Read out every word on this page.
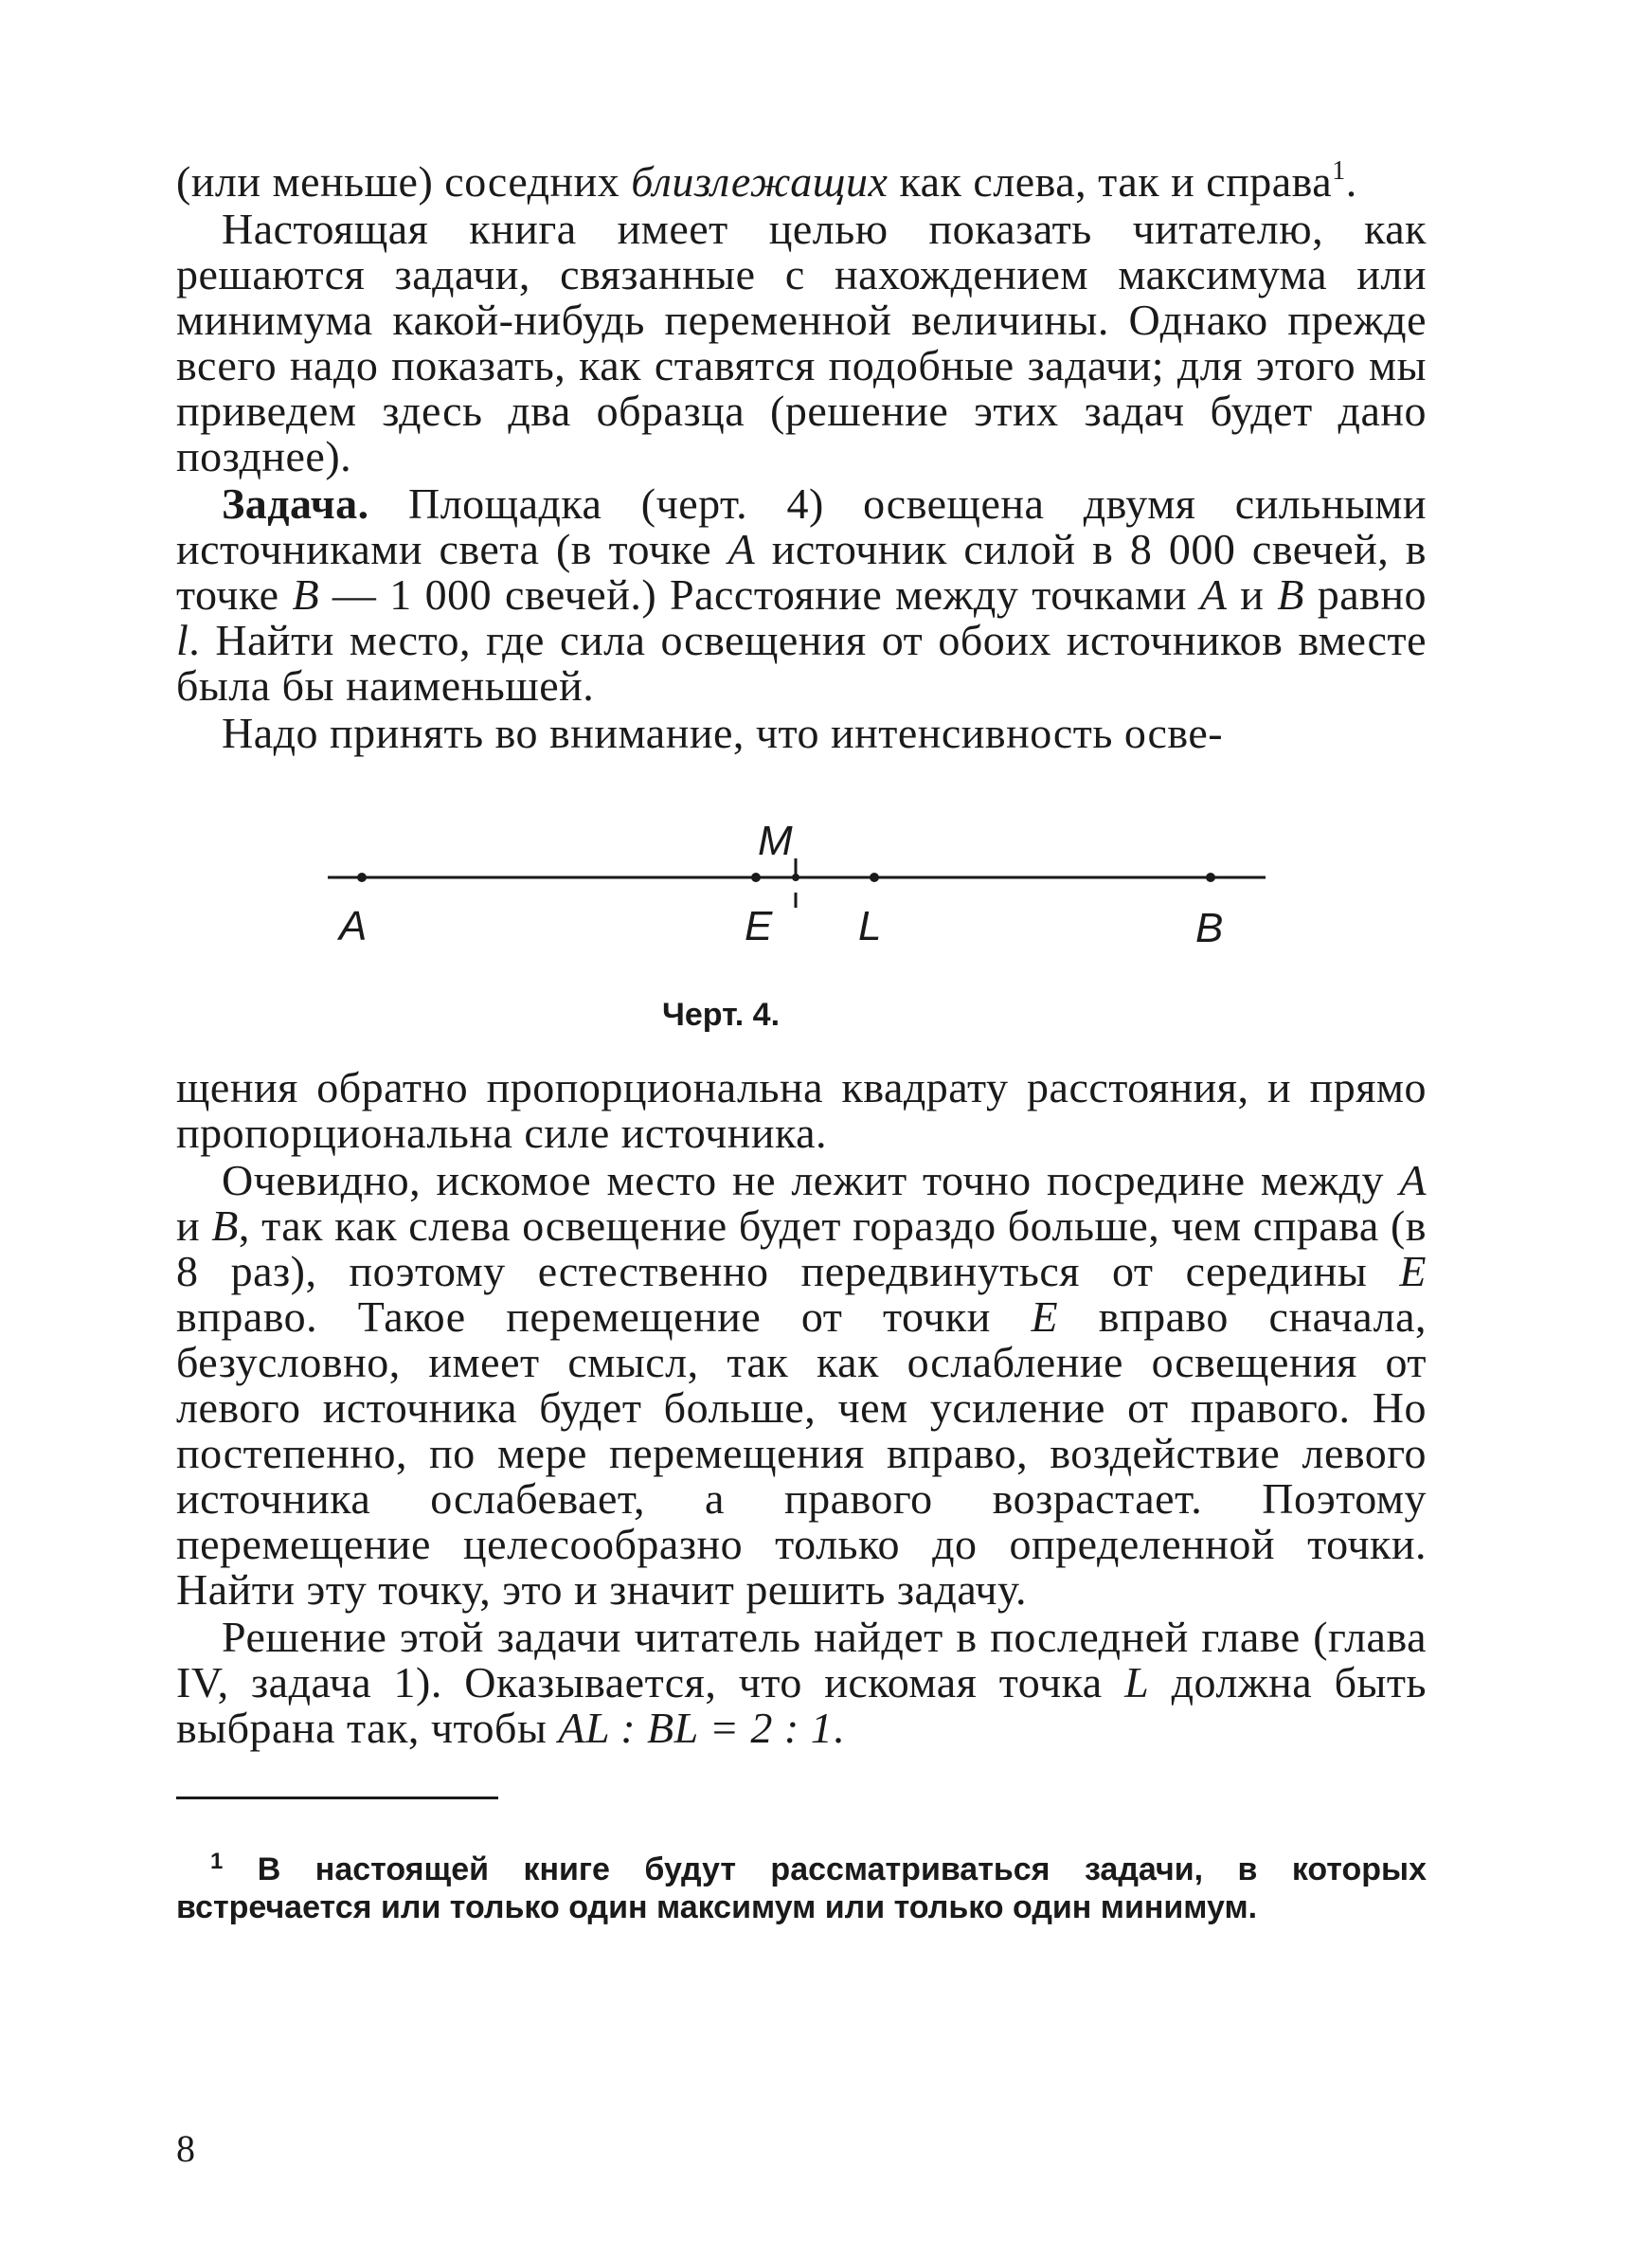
(или меньше) соседних близлежащих как слева, так и справа$^1$.

Настоящая книга имеет целью показать читателю, как решаются задачи, связанные с нахождением максимума или минимума какой-нибудь переменной величины. Однако прежде всего надо показать, как ставятся подобные задачи; для этого мы приведем здесь два образца (решение этих задач будет дано позднее).

Задача. Площадка (черт. 4) освещена двумя сильными источниками света (в точке A источник силой в 8 000 свечей, в точке B — 1 000 свечей.) Расстояние между точками A и B равно l. Найти место, где сила освещения от обоих источников вместе была бы наименьшей.

Надо принять во внимание, что интенсивность осве-

A	E
M
L	B
Черт. 4.

щения обратно пропорциональна квадрату расстояния, и прямо пропорциональна силе источника.

Очевидно, искомое место не лежит точно посредине между A и B, так как слева освещение будет гораздо больше, чем справа (в 8 раз), поэтому естественно передвинуться от середины E вправо. Такое перемещение от точки E вправо сначала, безусловно, имеет смысл, так как ослабление освещения от левого источника будет больше, чем усиление от правого. Но постепенно, по мере перемещения вправо, воздействие левого источника ослабевает, а правого возрастает. Поэтому перемещение целесообразно только до определенной точки. Найти эту точку, это и значит решить задачу.

Решение этой задачи читатель найдет в последней главе (глава IV, задача 1). Оказывается, что искомая точка L должна быть выбрана так, чтобы AL : BL = 2 : 1.

$^1$ В настоящей книге будут рассматриваться задачи, в которых встречается или только один максимум или только один минимум.

8
